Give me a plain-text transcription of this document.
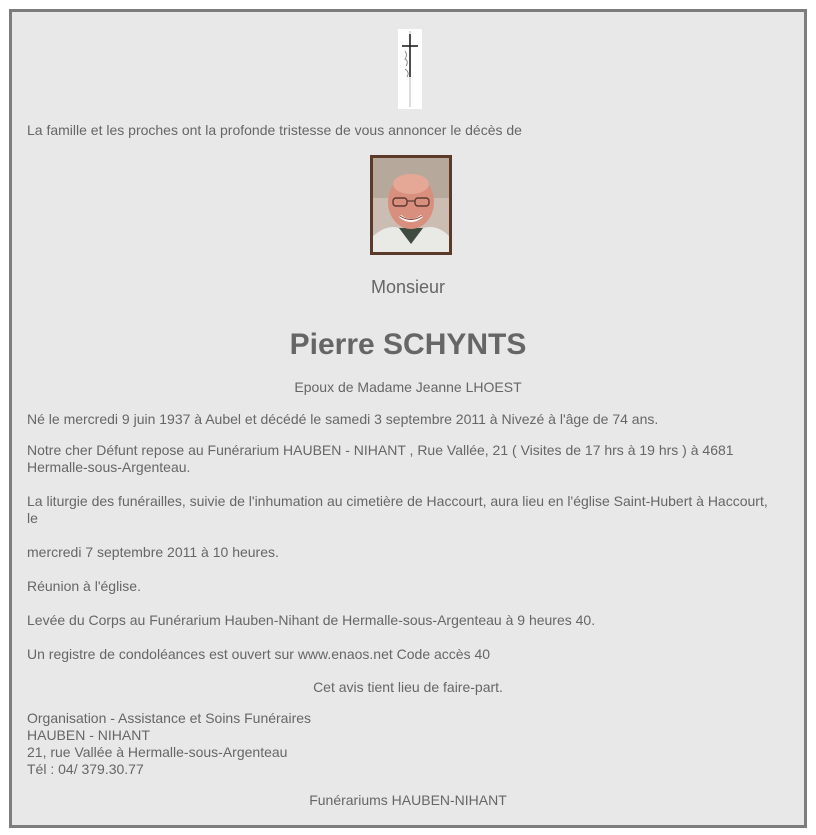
La famille et les proches ont la profonde tristesse de vous annoncer le décès de

Monsieur

Pierre SCHYNTS

Epoux de Madame Jeanne LHOEST

Né le mercredi 9 juin 1937 à Aubel et décédé le samedi 3 septembre 2011 à Nivezé à l'âge de 74 ans.

Notre cher Défunt repose au Funérarium HAUBEN - NIHANT , Rue Vallée, 21 ( Visites de 17 hrs à 19 hrs ) à 4681 Hermalle-sous-Argenteau.

La liturgie des funérailles, suivie de l'inhumation au cimetière de Haccourt, aura lieu en l'église Saint-Hubert à Haccourt, le

mercredi 7 septembre 2011 à 10 heures.

Réunion à l'église.

Levée du Corps au Funérarium Hauben-Nihant de Hermalle-sous-Argenteau à 9 heures 40.

Un registre de condoléances est ouvert sur www.enaos.net Code accès 40

Cet avis tient lieu de faire-part.

Organisation - Assistance et Soins Funéraires
HAUBEN - NIHANT
21, rue Vallée à Hermalle-sous-Argenteau
Tél : 04/ 379.30.77

Funérariums HAUBEN-NIHANT
